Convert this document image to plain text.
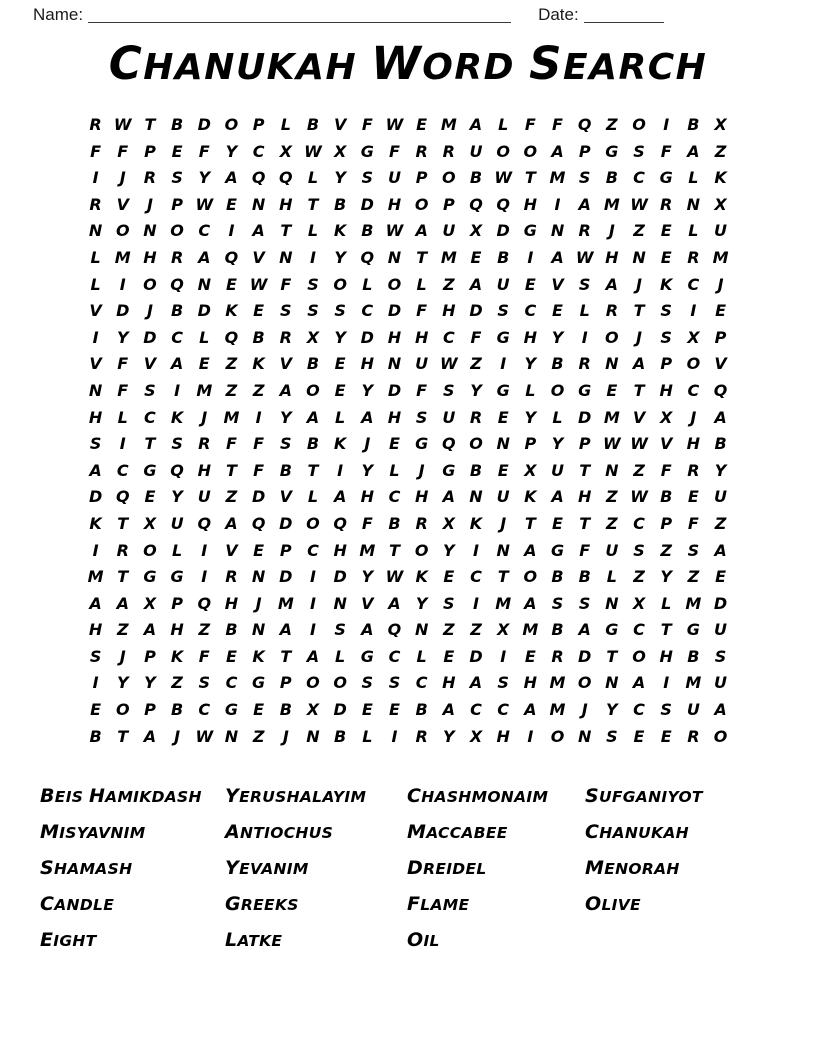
Name:	Date:
CHANUKAH WORD SEARCH
R W T B D O P	L B V F W E M A L	F	F Q Z O	I	B X
F	F P E	F Y C X W X G F R R U O O A P G S F A Z
I	J	R S Y A Q Q L	Y S U P O B W T M S B C G L K
R V	J	P W E N H T B D H O P Q Q H	I	A M W R N X
N O N O C	I	A T	L K B W A U X D G N R	J	Z E	L U
L M H R A Q V N	I	Y Q N T M E B	I	A W H N E R M
L	I	O Q N E W F S O L O L	Z A U E V S A	J	K C	J
V D	J	B D K E S S S C D F H D S C E	L R T S	I	E
I	Y D C	L Q B R X Y D H H C F G H Y	I	O	J	S X P
V F V A E Z K V B E H N U W Z	I	Y B R N A P O V
N F S	I	M Z Z A O E Y D F S Y G L O G E	T H C Q
H L	C K	J	M	I	Y A L A H S U R E Y	L D M V X	J	A
S	I	T S R F	F S B K	J	E G Q O N P Y P W W V H B
A C G Q H T	F B T	I	Y	L	J	G B E X U T N Z F R Y
D Q E Y U Z D V L A H C H A N U K A H Z W B E U
K T X U Q A Q D O Q F B R X K	J	T	E	T Z C P F Z
I	R O L	I	V E P C H M T O Y	I	N A G F U S Z S A
M T G G	I	R N D	I	D Y W K E C T O B B L	Z Y Z E
A A X P Q H	J	M	I	N V A Y S	I	M A S S N X L M D
H Z A H Z B N A	I	S A Q N Z Z X M B A G C T G U
S	J	P K F	E K T A L G C	L	E D	I	E R D T O H B S
I	Y Y Z S C G P O O S S C H A S H M O N A	I	M U
E O P B C G E B X D E	E B A C C A M	J	Y C S U A
B T A	J W N Z	J	N B L	I	R Y X H	I	O N S E	E R O
BEIS HAMIKDASH
MISYAVNIM
SHAMASH
CANDLE
EIGHT
YERUSHALAYIM
ANTIOCHUS
YEVANIM
GREEKS
LATKE
CHASHMONAIM
MACCABEE
DREIDEL
FLAME
OIL
SUFGANIYOT
CHANUKAH
MENORAH
OLIVE
